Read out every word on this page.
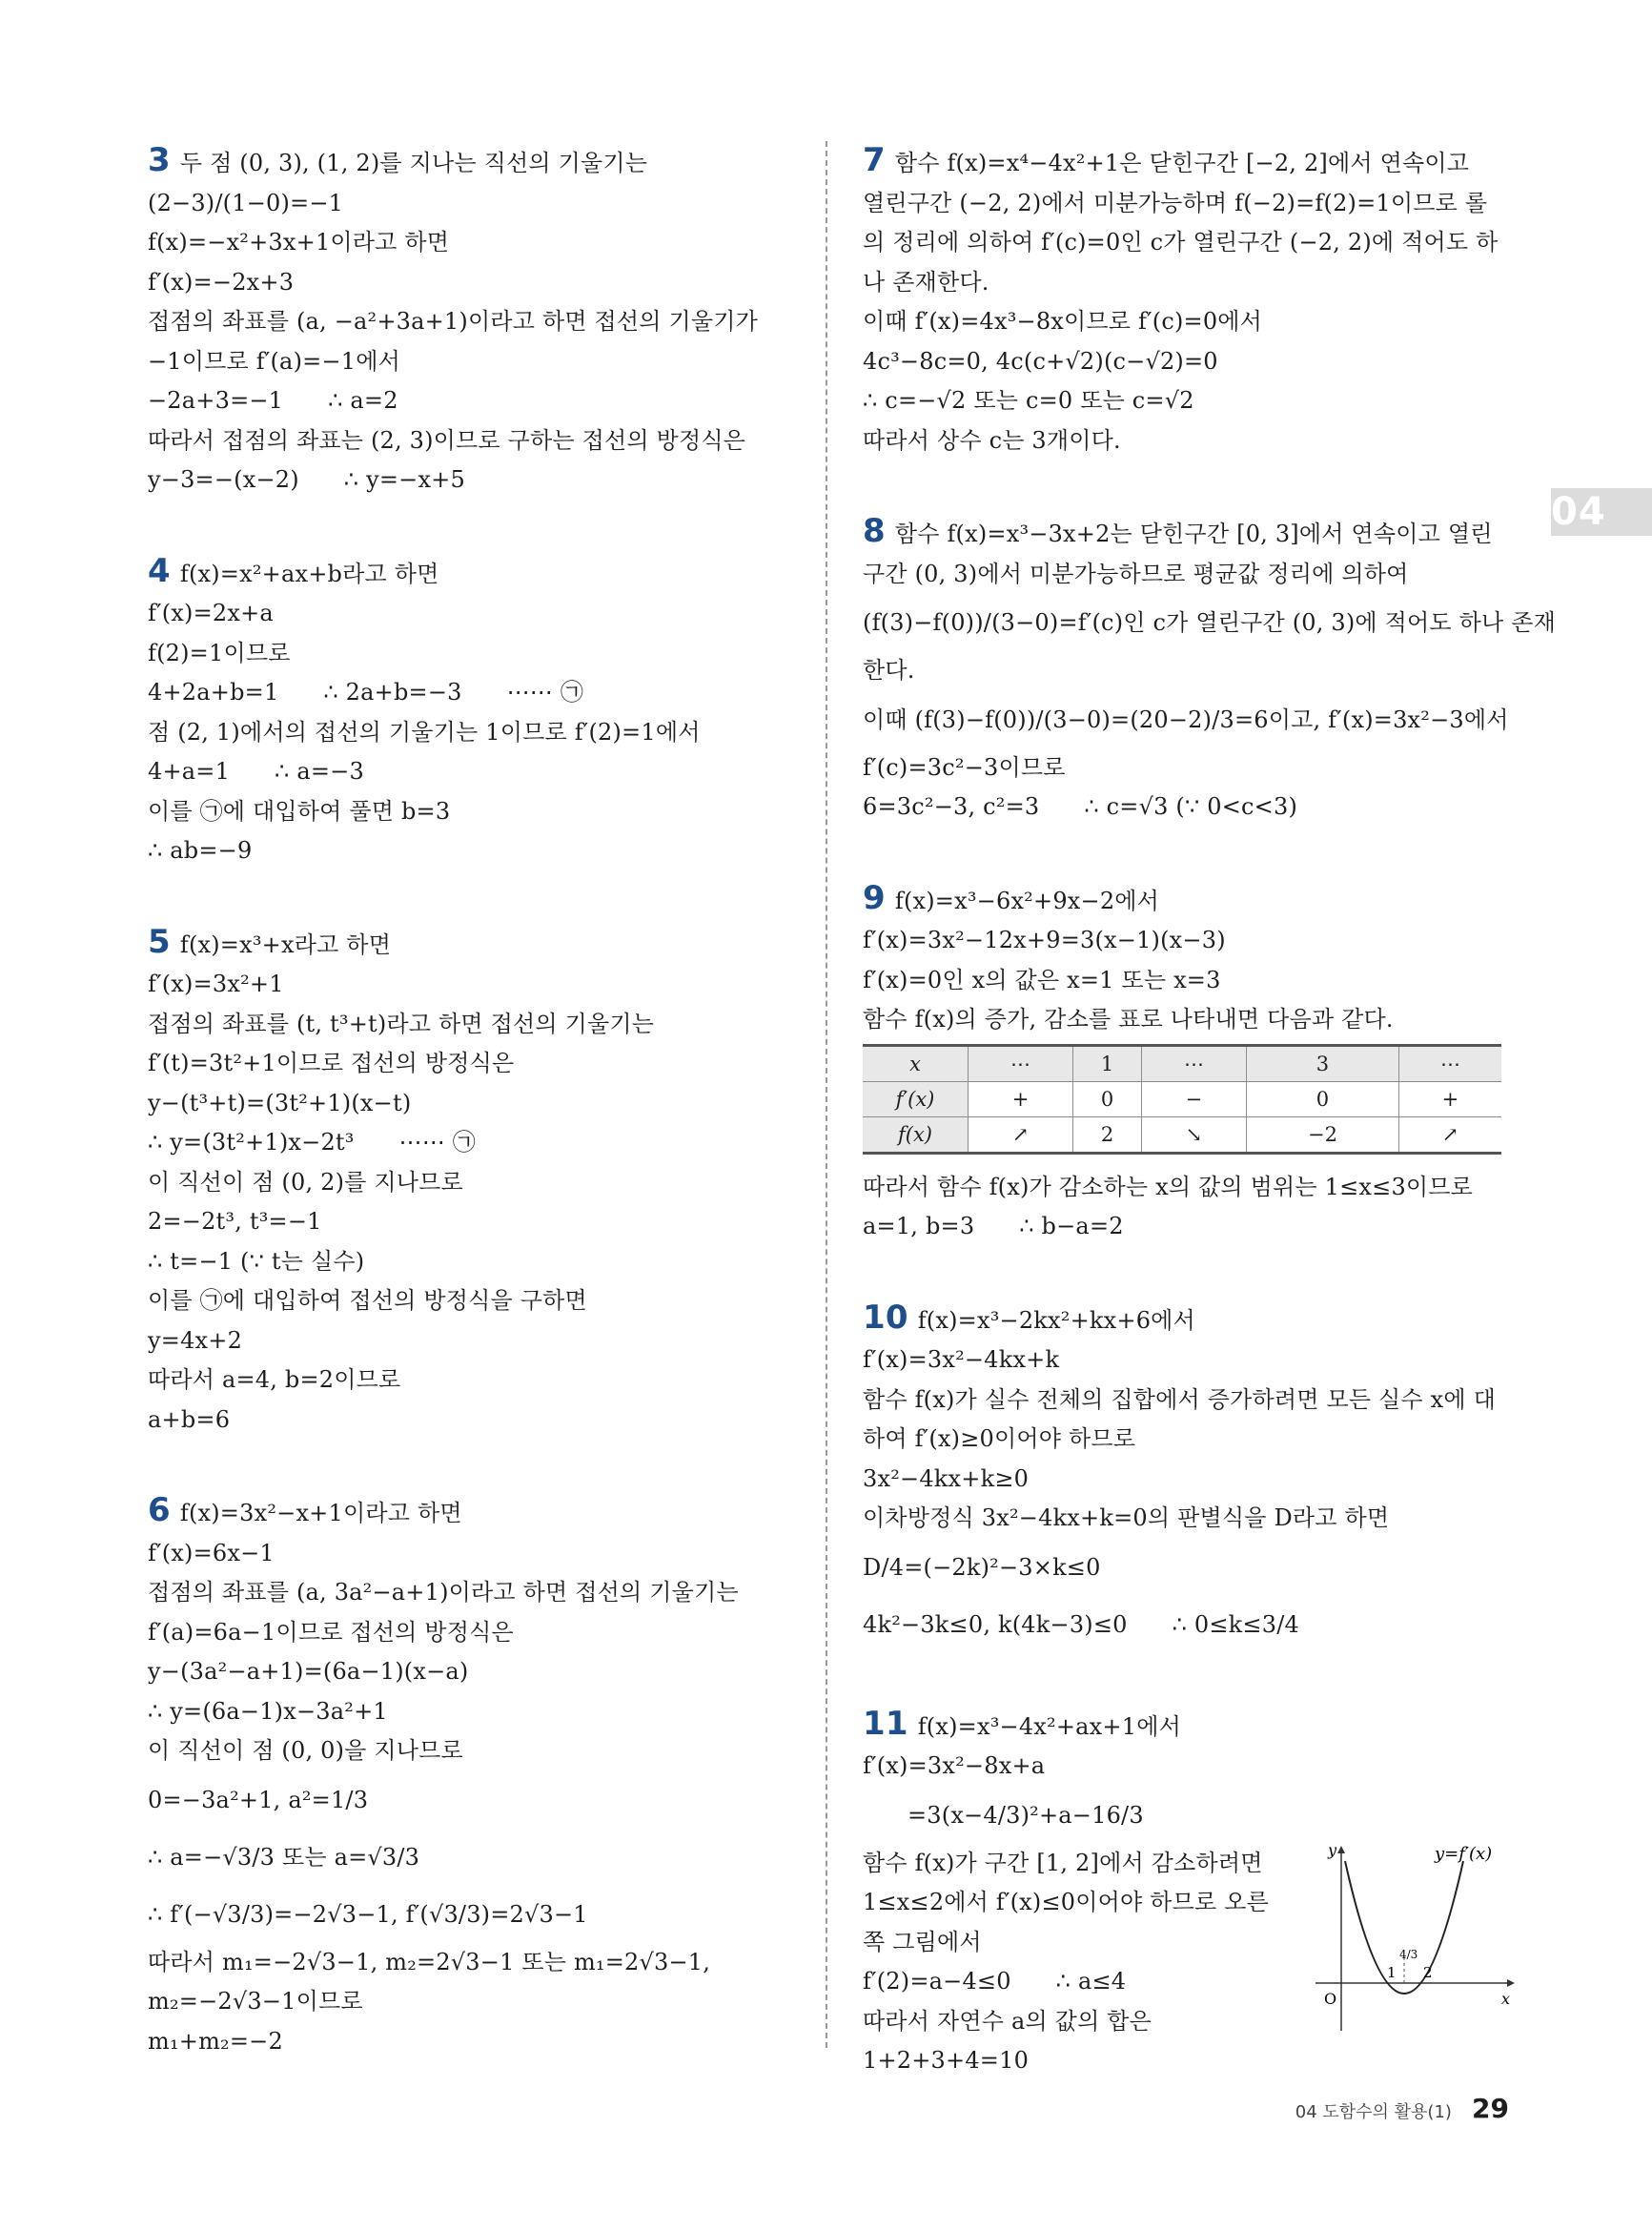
3 두 점 (0, 3), (1, 2)를 지나는 직선의 기울기는
(2−3)/(1−0)=−1
f(x)=−x²+3x+1이라고 하면
f′(x)=−2x+3
접점의 좌표를 (a, −a²+3a+1)이라고 하면 접선의 기울기가
−1이므로 f′(a)=−1에서
−2a+3=−1      ∴ a=2
따라서 접점의 좌표는 (2, 3)이므로 구하는 접선의 방정식은
y−3=−(x−2)      ∴ y=−x+5
4 f(x)=x²+ax+b라고 하면
f′(x)=2x+a
f(2)=1이므로
4+2a+b=1      ∴ 2a+b=−3      ⋯⋯ ㉠
점 (2, 1)에서의 접선의 기울기는 1이므로 f′(2)=1에서
4+a=1      ∴ a=−3
이를 ㉠에 대입하여 풀면 b=3
∴ ab=−9
5 f(x)=x³+x라고 하면
f′(x)=3x²+1
접점의 좌표를 (t, t³+t)라고 하면 접선의 기울기는
f′(t)=3t²+1이므로 접선의 방정식은
y−(t³+t)=(3t²+1)(x−t)
∴ y=(3t²+1)x−2t³      ⋯⋯ ㉠
이 직선이 점 (0, 2)를 지나므로
2=−2t³, t³=−1
∴ t=−1 (∵ t는 실수)
이를 ㉠에 대입하여 접선의 방정식을 구하면
y=4x+2
따라서 a=4, b=2이므로
a+b=6
6 f(x)=3x²−x+1이라고 하면
f′(x)=6x−1
접점의 좌표를 (a, 3a²−a+1)이라고 하면 접선의 기울기는
f′(a)=6a−1이므로 접선의 방정식은
y−(3a²−a+1)=(6a−1)(x−a)
∴ y=(6a−1)x−3a²+1
이 직선이 점 (0, 0)을 지나므로
0=−3a²+1, a²=1/3
∴ a=−√3/3 또는 a=√3/3
∴ f′(−√3/3)=−2√3−1, f′(√3/3)=2√3−1
따라서 m₁=−2√3−1, m₂=2√3−1 또는 m₁=2√3−1,
m₂=−2√3−1이므로
m₁+m₂=−2
7 함수 f(x)=x⁴−4x²+1은 닫힌구간 [−2, 2]에서 연속이고
열린구간 (−2, 2)에서 미분가능하며 f(−2)=f(2)=1이므로 롤
의 정리에 의하여 f′(c)=0인 c가 열린구간 (−2, 2)에 적어도 하
나 존재한다.
이때 f′(x)=4x³−8x이므로 f′(c)=0에서
4c³−8c=0, 4c(c+√2)(c−√2)=0
∴ c=−√2 또는 c=0 또는 c=√2
따라서 상수 c는 3개이다.
8 함수 f(x)=x³−3x+2는 닫힌구간 [0, 3]에서 연속이고 열린
구간 (0, 3)에서 미분가능하므로 평균값 정리에 의하여
(f(3)−f(0))/(3−0)=f′(c)인 c가 열린구간 (0, 3)에 적어도 하나 존재
한다.
이때 (f(3)−f(0))/(3−0)=(20−2)/3=6이고, f′(x)=3x²−3에서
f′(c)=3c²−3이므로
6=3c²−3, c²=3      ∴ c=√3 (∵ 0<c<3)
9 f(x)=x³−6x²+9x−2에서
f′(x)=3x²−12x+9=3(x−1)(x−3)
f′(x)=0인 x의 값은 x=1 또는 x=3
함수 f(x)의 증가, 감소를 표로 나타내면 다음과 같다.
x	⋯	1	⋯	3	⋯
f′(x)	+	0	−	0	+
f(x)	↗	2	↘	−2	↗
따라서 함수 f(x)가 감소하는 x의 값의 범위는 1≤x≤3이므로
a=1, b=3      ∴ b−a=2
10 f(x)=x³−2kx²+kx+6에서
f′(x)=3x²−4kx+k
함수 f(x)가 실수 전체의 집합에서 증가하려면 모든 실수 x에 대
하여 f′(x)≥0이어야 하므로
3x²−4kx+k≥0
이차방정식 3x²−4kx+k=0의 판별식을 D라고 하면
D/4=(−2k)²−3×k≤0
4k²−3k≤0, k(4k−3)≤0      ∴ 0≤k≤3/4
11 f(x)=x³−4x²+ax+1에서
f′(x)=3x²−8x+a
=3(x−4/3)²+a−16/3
함수 f(x)가 구간 [1, 2]에서 감소하려면
1≤x≤2에서 f′(x)≤0이어야 하므로 오른
쪽 그림에서
f′(2)=a−4≤0      ∴ a≤4
따라서 자연수 a의 값의 합은
1+2+3+4=10
y=f′(x)
y
x
O
1
4/3
2
04
04 도함수의 활용(1) 29
